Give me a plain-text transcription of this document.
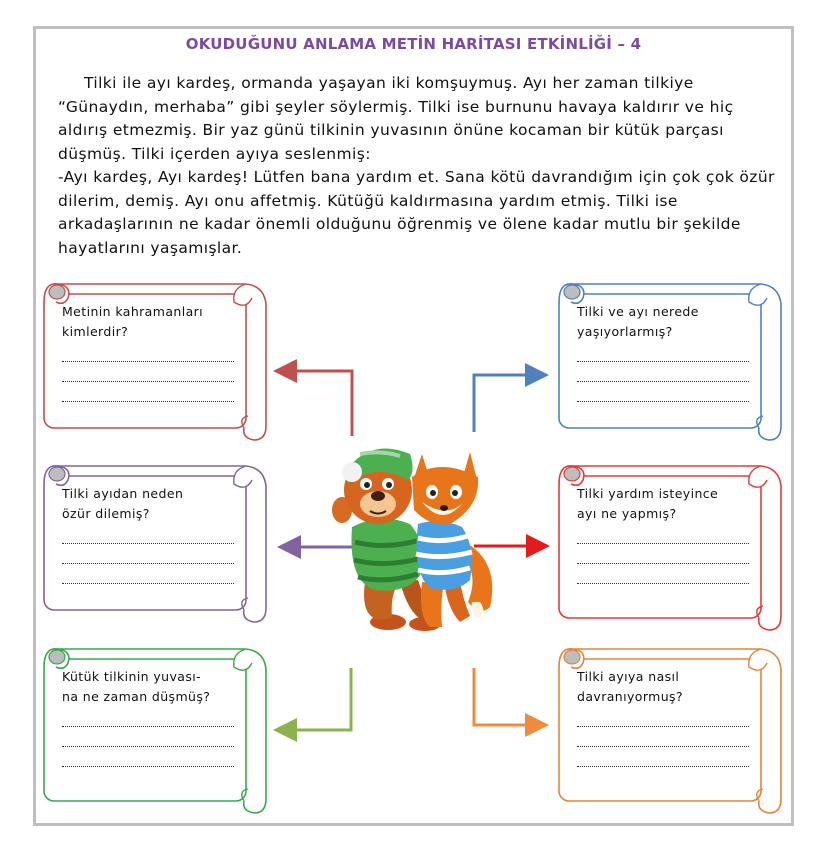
OKUDUĞUNU ANLAMA METİN HARİTASI ETKİNLİĞİ – 4

Tilki ile ayı kardeş, ormanda yaşayan iki komşuymuş. Ayı her zaman tilkiye “Günaydın, merhaba” gibi şeyler söylermiş. Tilki ise burnunu havaya kaldırır ve hiç aldırış etmezmiş. Bir yaz günü tilkinin yuvasının önüne kocaman bir kütük parçası düşmüş. Tilki içerden ayıya seslenmiş:

-Ayı kardeş, Ayı kardeş! Lütfen bana yardım et. Sana kötü davrandığım için çok çok özür dilerim, demiş. Ayı onu affetmiş. Kütüğü kaldırmasına yardım etmiş. Tilki ise arkadaşlarının ne kadar önemli olduğunu öğrenmiş ve ölene kadar mutlu bir şekilde hayatlarını yaşamışlar.

Metinin kahramanları
kimlerdir?
Tilki ve ayı nerede
yaşıyorlarmış?
Tilki ayıdan neden
özür dilemiş?
Tilki yardım isteyince
ayı ne yapmış?
Kütük tilkinin yuvası-
na ne zaman düşmüş?
Tilki ayıya nasıl
davranıyormuş?
